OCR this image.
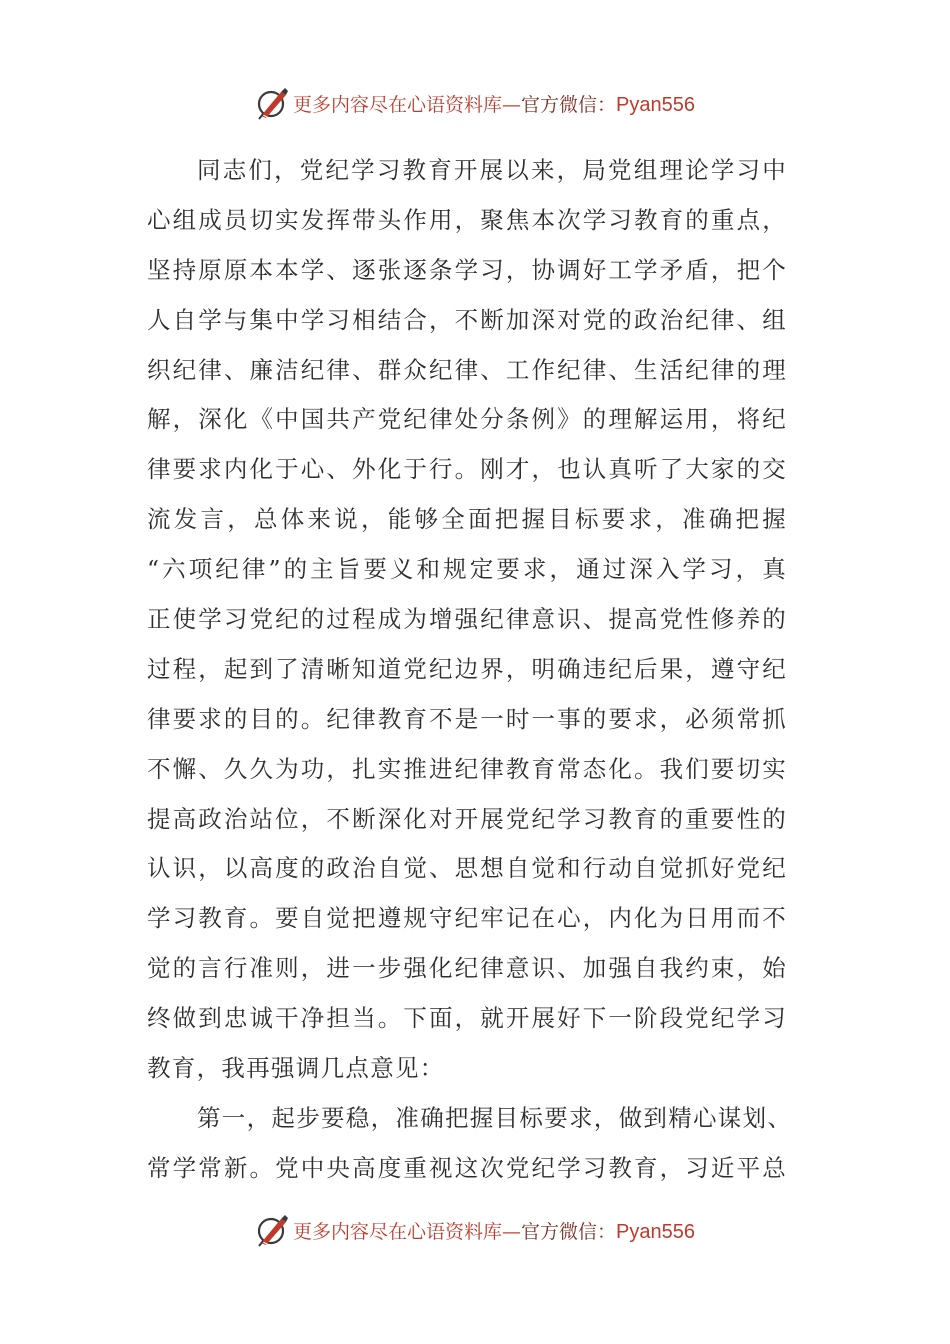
更多内容尽在心语资料库 — 官方微信： Pyan556
同志们，党纪学习教育开展以来，局党组理论学习中
心组成员切实发挥带头作用，聚焦本次学习教育的重点，
坚持原原本本学、逐张逐条学习，协调好工学矛盾，把个
人自学与集中学习相结合，不断加深对党的政治纪律、组
织纪律、廉洁纪律、群众纪律、工作纪律、生活纪律的理
解，深化《中国共产党纪律处分条例》的理解运用，将纪
律要求内化于心、外化于行。刚才，也认真听了大家的交
流发言，总体来说，能够全面把握目标要求，准确把握
“六项纪律”的主旨要义和规定要求，通过深入学习，真
正使学习党纪的过程成为增强纪律意识、提高党性修养的
过程，起到了清晰知道党纪边界，明确违纪后果，遵守纪
律要求的目的。纪律教育不是一时一事的要求，必须常抓
不懈、久久为功，扎实推进纪律教育常态化。我们要切实
提高政治站位，不断深化对开展党纪学习教育的重要性的
认识，以高度的政治自觉、思想自觉和行动自觉抓好党纪
学习教育。要自觉把遵规守纪牢记在心，内化为日用而不
觉的言行准则，进一步强化纪律意识、加强自我约束，始
终做到忠诚干净担当。下面，就开展好下一阶段党纪学习
教育，我再强调几点意见：
第一，起步要稳，准确把握目标要求，做到精心谋划、
常学常新。党中央高度重视这次党纪学习教育，习近平总
更多内容尽在心语资料库 — 官方微信： Pyan556
